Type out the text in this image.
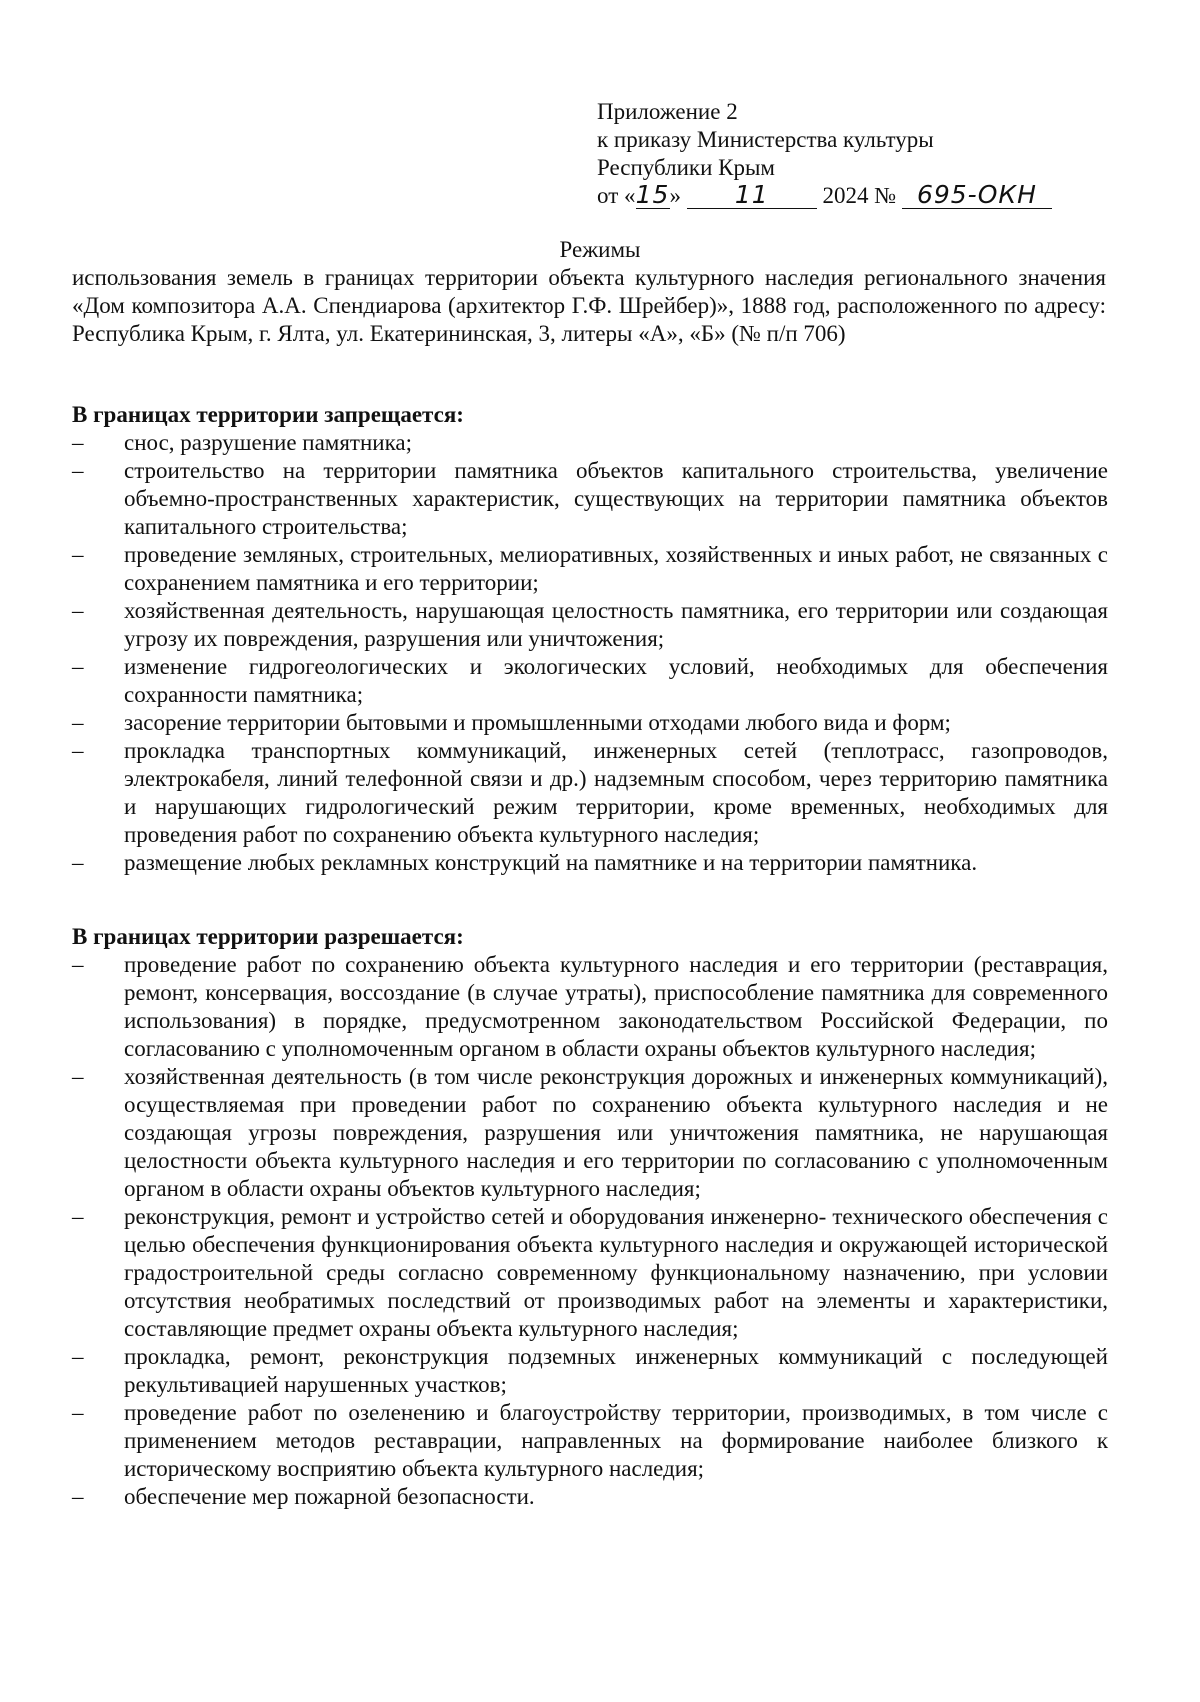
Приложение 2
к приказу Министерства культуры
Республики Крым
от «15» 11 2024 № 695-ОКН
Режимы
использования земель в границах территории объекта культурного наследия регионального значения «Дом композитора А.А. Спендиарова (архитектор Г.Ф. Шрейбер)», 1888 год, расположенного по адресу: Республика Крым, г. Ялта, ул. Екатерининская, 3, литеры «А», «Б» (№ п/п 706)
В границах территории запрещается:
– снос, разрушение памятника;
– строительство на территории памятника объектов капитального строительства, увеличение объемно-пространственных характеристик, существующих на территории памятника объектов капитального строительства;
– проведение земляных, строительных, мелиоративных, хозяйственных и иных работ, не связанных с сохранением памятника и его территории;
– хозяйственная деятельность, нарушающая целостность памятника, его территории или создающая угрозу их повреждения, разрушения или уничтожения;
– изменение гидрогеологических и экологических условий, необходимых для обеспечения сохранности памятника;
– засорение территории бытовыми и промышленными отходами любого вида и форм;
– прокладка транспортных коммуникаций, инженерных сетей (теплотрасс, газопроводов, электрокабеля, линий телефонной связи и др.) надземным способом, через территорию памятника и нарушающих гидрологический режим территории, кроме временных, необходимых для проведения работ по сохранению объекта культурного наследия;
– размещение любых рекламных конструкций на памятнике и на территории памятника.
В границах территории разрешается:
– проведение работ по сохранению объекта культурного наследия и его территории (реставрация, ремонт, консервация, воссоздание (в случае утраты), приспособление памятника для современного использования) в порядке, предусмотренном законодательством Российской Федерации, по согласованию с уполномоченным органом в области охраны объектов культурного наследия;
– хозяйственная деятельность (в том числе реконструкция дорожных и инженерных коммуникаций), осуществляемая при проведении работ по сохранению объекта культурного наследия и не создающая угрозы повреждения, разрушения или уничтожения памятника, не нарушающая целостности объекта культурного наследия и его территории по согласованию с уполномоченным органом в области охраны объектов культурного наследия;
– реконструкция, ремонт и устройство сетей и оборудования инженерно- технического обеспечения с целью обеспечения функционирования объекта культурного наследия и окружающей исторической градостроительной среды согласно современному функциональному назначению, при условии отсутствия необратимых последствий от производимых работ на элементы и характеристики, составляющие предмет охраны объекта культурного наследия;
– прокладка, ремонт, реконструкция подземных инженерных коммуникаций с последующей рекультивацией нарушенных участков;
– проведение работ по озеленению и благоустройству территории, производимых, в том числе с применением методов реставрации, направленных на формирование наиболее близкого к историческому восприятию объекта культурного наследия;
– обеспечение мер пожарной безопасности.
